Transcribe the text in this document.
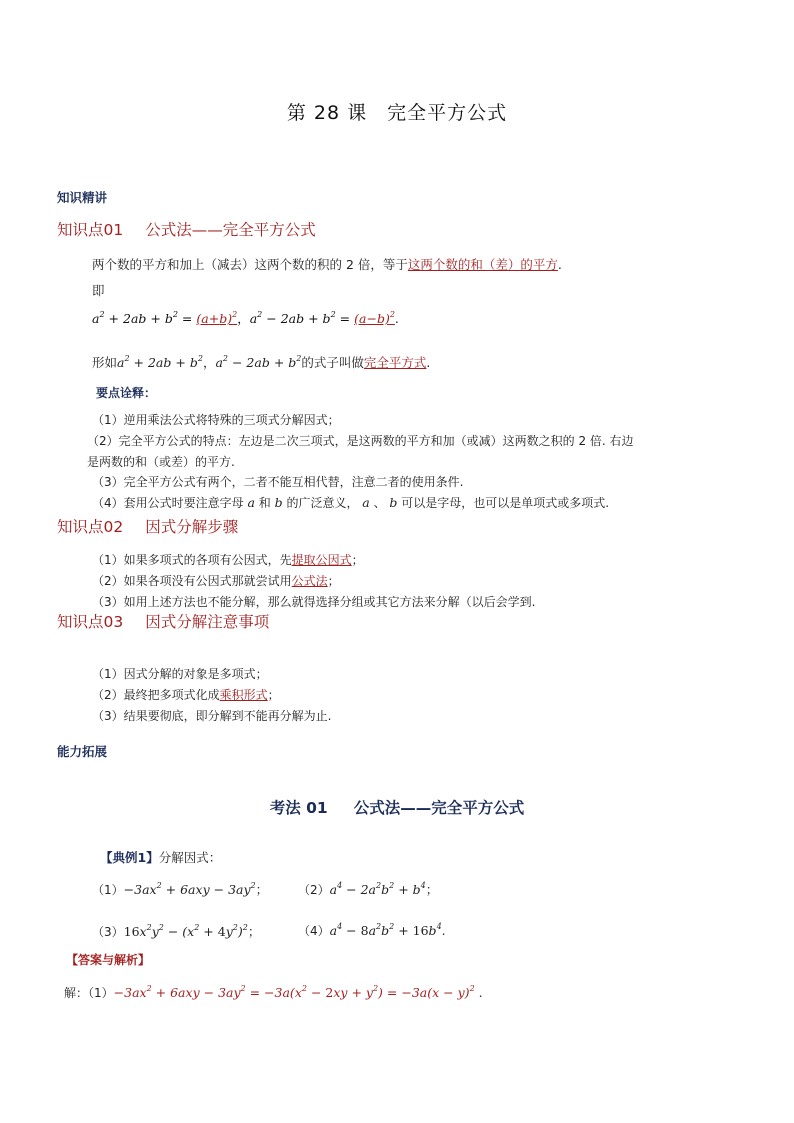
第 28 课　完全平方公式
知识精讲
知识点01 公式法——完全平方公式
两个数的平方和加上（减去）这两个数的积的 2 倍，等于这两个数的和（差）的平方.
即
$a^2 + 2ab + b^2 = (a+b)^2$，$a^2 - 2ab + b^2 = (a-b)^2$.
形如$a^2 + 2ab + b^2$，$a^2 - 2ab + b^2$的式子叫做完全平方式.
要点诠释：
（1）逆用乘法公式将特殊的三项式分解因式；
（2）完全平方公式的特点：左边是二次三项式，是这两数的平方和加（或减）这两数之积的 2 倍. 右边
是两数的和（或差）的平方.
（3）完全平方公式有两个，二者不能互相代替，注意二者的使用条件.
（4）套用公式时要注意字母 a 和 b 的广泛意义， a 、 b 可以是字母，也可以是单项式或多项式.
知识点02 因式分解步骤
（1）如果多项式的各项有公因式，先提取公因式；
（2）如果各项没有公因式那就尝试用公式法；
（3）如用上述方法也不能分解，那么就得选择分组或其它方法来分解（以后会学到.
知识点03 因式分解注意事项
（1）因式分解的对象是多项式；
（2）最终把多项式化成乘积形式；
（3）结果要彻底，即分解到不能再分解为止.
能力拓展
考法 01 公式法——完全平方公式
【典例1】分解因式：
$(1)-3ax^2 + 6axy - 3ay^2$； $(2)a^4 - 2a^2b^2 + b^4$；
$(3)16x^2y^2 - (x^2 + 4y^2)^2$；	$(4)a^4 - 8a^2b^2 + 16b^4$.
【答案与解析】
解：$(1)-3ax^2 + 6axy - 3ay^2 = -3a(x^2 - 2xy + y^2) = -3a(x - y)^2$ .
